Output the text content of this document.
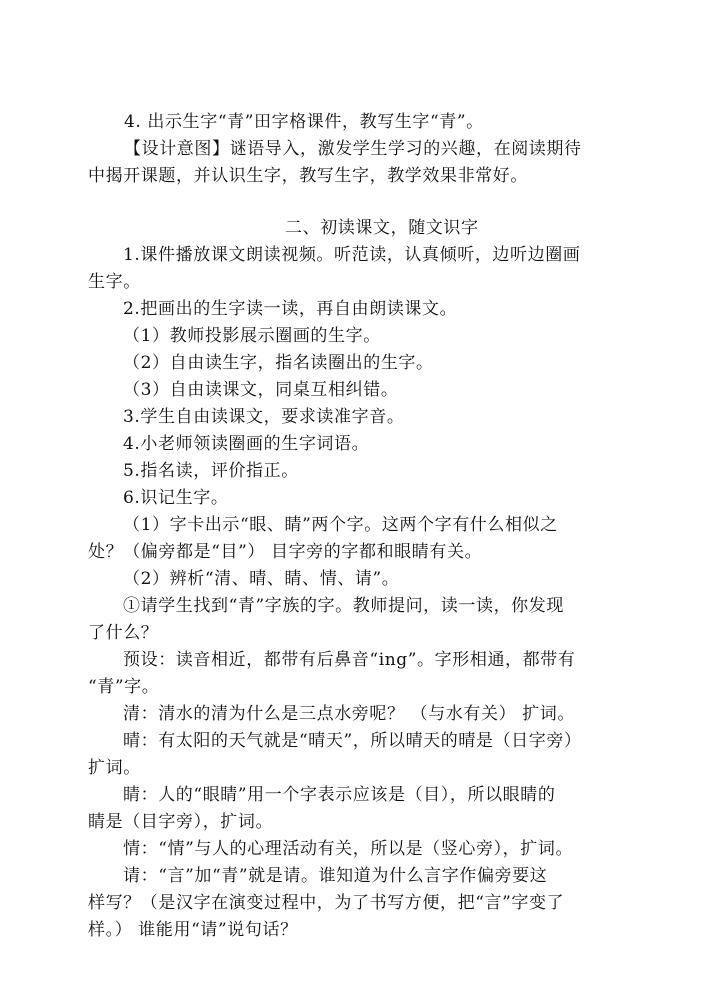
4. 出示生字“青”田字格课件，教写生字“青”。
【设计意图】谜语导入，激发学生学习的兴趣，在阅读期待
中揭开课题，并认识生字，教写生字，教学效果非常好。
二、初读课文，随文识字
1.课件播放课文朗读视频。听范读，认真倾听，边听边圈画
生字。
2.把画出的生字读一读，再自由朗读课文。
（1）教师投影展示圈画的生字。
（2）自由读生字，指名读圈出的生字。
（3）自由读课文，同桌互相纠错。
3.学生自由读课文，要求读准字音。
4.小老师领读圈画的生字词语。
5.指名读，评价指正。
6.识记生字。
（1）字卡出示“眼、睛”两个字。这两个字有什么相似之
处？（偏旁都是“目”） 目字旁的字都和眼睛有关。
（2）辨析“清、晴、睛、情、请”。
①请学生找到“青”字族的字。教师提问，读一读，你发现
了什么？
预设：读音相近，都带有后鼻音“ing”。字形相通，都带有
“青”字。
清：清水的清为什么是三点水旁呢？ （与水有关） 扩词。
晴：有太阳的天气就是“晴天”，所以晴天的晴是（日字旁）
扩词。
睛：人的“眼睛”用一个字表示应该是（目），所以眼睛的
睛是（目字旁），扩词。
情：“情”与人的心理活动有关，所以是（竖心旁），扩词。
请：“言”加“青”就是请。谁知道为什么言字作偏旁要这
样写？（是汉字在演变过程中，为了书写方便，把“言”字变了
样。） 谁能用“请”说句话？
